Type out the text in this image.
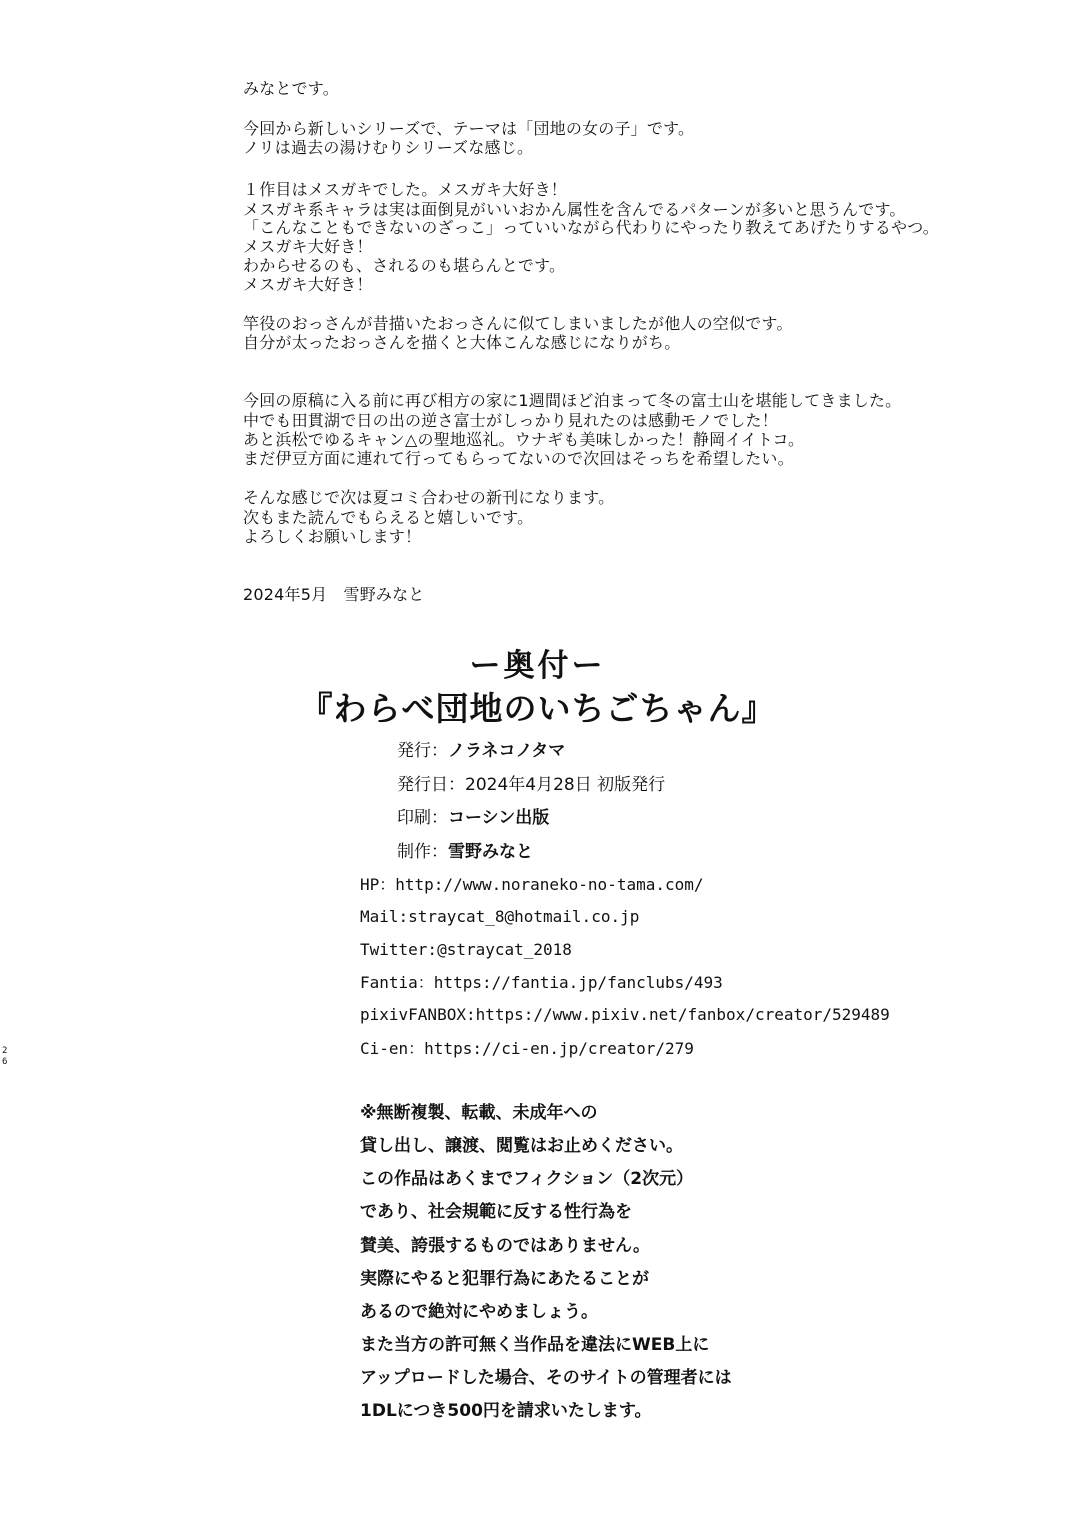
みなとです。
今回から新しいシリーズで、テーマは「団地の女の子」です。
ノリは過去の湯けむりシリーズな感じ。
１作目はメスガキでした。メスガキ大好き！
メスガキ系キャラは実は面倒見がいいおかん属性を含んでるパターンが多いと思うんです。
「こんなこともできないのざっこ」っていいながら代わりにやったり教えてあげたりするやつ。
メスガキ大好き！
わからせるのも、されるのも堪らんとです。
メスガキ大好き！
竿役のおっさんが昔描いたおっさんに似てしまいましたが他人の空似です。
自分が太ったおっさんを描くと大体こんな感じになりがち。
今回の原稿に入る前に再び相方の家に1週間ほど泊まって冬の富士山を堪能してきました。
中でも田貫湖で日の出の逆さ富士がしっかり見れたのは感動モノでした！
あと浜松でゆるキャン△の聖地巡礼。ウナギも美味しかった！静岡イイトコ。
まだ伊豆方面に連れて行ってもらってないので次回はそっちを希望したい。
そんな感じで次は夏コミ合わせの新刊になります。
次もまた読んでもらえると嬉しいです。
よろしくお願いします！
2024年5月　雪野みなと
ー奥付ー
『わらべ団地のいちごちゃん』
発行：ノラネコノタマ
発行日：2024年4月28日 初版発行
印刷：コーシン出版
制作：雪野みなと
HP：http://www.noraneko-no-tama.com/
Mail:straycat_8@hotmail.co.jp
Twitter:@straycat_2018
Fantia：https://fantia.jp/fanclubs/493
pixivFANBOX:https://www.pixiv.net/fanbox/creator/529489
Ci-en：https://ci-en.jp/creator/279
※無断複製、転載、未成年への
貸し出し、譲渡、閲覧はお止めください。
この作品はあくまでフィクション（2次元）
であり、社会規範に反する性行為を
賛美、誇張するものではありません。
実際にやると犯罪行為にあたることが
あるので絶対にやめましょう。
また当方の許可無く当作品を違法にWEB上に
アップロードした場合、そのサイトの管理者には
1DLにつき500円を請求いたします。
26
